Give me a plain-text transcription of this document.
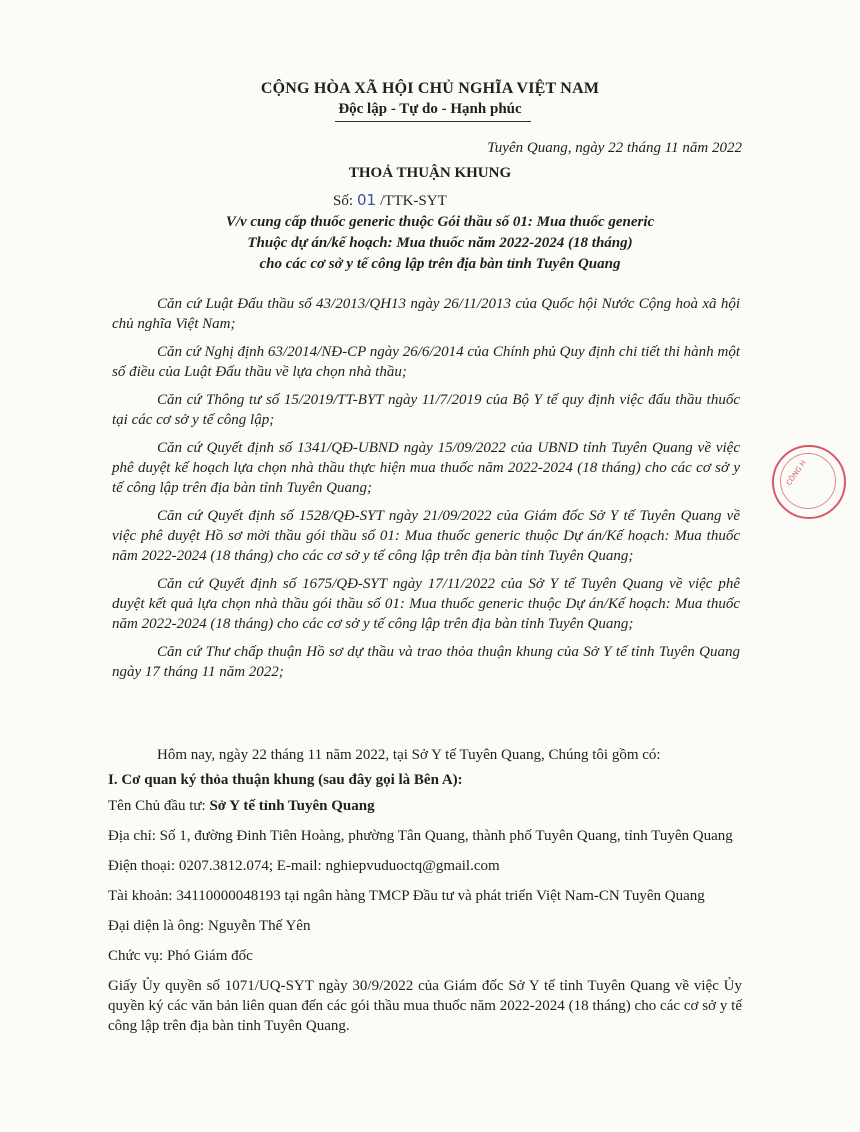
CỘNG HÒA XÃ HỘI CHỦ NGHĨA VIỆT NAM
Độc lập - Tự do - Hạnh phúc
Tuyên Quang, ngày 22 tháng 11 năm 2022
THOẢ THUẬN KHUNG
Số: 01 /TTK-SYT
V/v cung cấp thuốc generic thuộc Gói thầu số 01: Mua thuốc generic
Thuộc dự án/kế hoạch: Mua thuốc năm 2022-2024 (18 tháng)
cho các cơ sở y tế công lập trên địa bàn tỉnh Tuyên Quang

Căn cứ Luật Đấu thầu số 43/2013/QH13 ngày 26/11/2013 của Quốc hội Nước Cộng hoà xã hội chủ nghĩa Việt Nam;

Căn cứ Nghị định 63/2014/NĐ-CP ngày 26/6/2014 của Chính phủ Quy định chi tiết thi hành một số điều của Luật Đấu thầu về lựa chọn nhà thầu;

Căn cứ Thông tư số 15/2019/TT-BYT ngày 11/7/2019 của Bộ Y tế quy định việc đấu thầu thuốc tại các cơ sở y tế công lập;

Căn cứ Quyết định số 1341/QĐ-UBND ngày 15/09/2022 của UBND tỉnh Tuyên Quang về việc phê duyệt kế hoạch lựa chọn nhà thầu thực hiện mua thuốc năm 2022-2024 (18 tháng) cho các cơ sở y tế công lập trên địa bàn tỉnh Tuyên Quang;

Căn cứ Quyết định số 1528/QĐ-SYT ngày 21/09/2022 của Giám đốc Sở Y tế Tuyên Quang về việc phê duyệt Hồ sơ mời thầu gói thầu số 01: Mua thuốc generic thuộc Dự án/Kế hoạch: Mua thuốc năm 2022-2024 (18 tháng) cho các cơ sở y tế công lập trên địa bàn tỉnh Tuyên Quang;

Căn cứ Quyết định số 1675/QĐ-SYT ngày 17/11/2022 của Sở Y tế Tuyên Quang về việc phê duyệt kết quả lựa chọn nhà thầu gói thầu số 01: Mua thuốc generic thuộc Dự án/Kế hoạch: Mua thuốc năm 2022-2024 (18 tháng) cho các cơ sở y tế công lập trên địa bàn tỉnh Tuyên Quang;

Căn cứ Thư chấp thuận Hồ sơ dự thầu và trao thỏa thuận khung của Sở Y tế tỉnh Tuyên Quang ngày 17 tháng 11 năm 2022;

Hôm nay, ngày 22 tháng 11 năm 2022, tại Sở Y tế Tuyên Quang, Chúng tôi gồm có:

I. Cơ quan ký thỏa thuận khung (sau đây gọi là Bên A):

Tên Chủ đầu tư: Sở Y tế tỉnh Tuyên Quang

Địa chỉ: Số 1, đường Đinh Tiên Hoàng, phường Tân Quang, thành phố Tuyên Quang, tỉnh Tuyên Quang

Điện thoại: 0207.3812.074; E-mail: nghiepvuduoctq@gmail.com

Tài khoản: 34110000048193 tại ngân hàng TMCP Đầu tư và phát triển Việt Nam-CN Tuyên Quang

Đại diện là ông: Nguyễn Thế Yên

Chức vụ: Phó Giám đốc

Giấy Ủy quyền số 1071/UQ-SYT ngày 30/9/2022 của Giám đốc Sở Y tế tỉnh Tuyên Quang về việc Ủy quyền ký các văn bản liên quan đến các gói thầu mua thuốc năm 2022-2024 (18 tháng) cho các cơ sở y tế công lập trên địa bàn tỉnh Tuyên Quang.

CÔNG H
